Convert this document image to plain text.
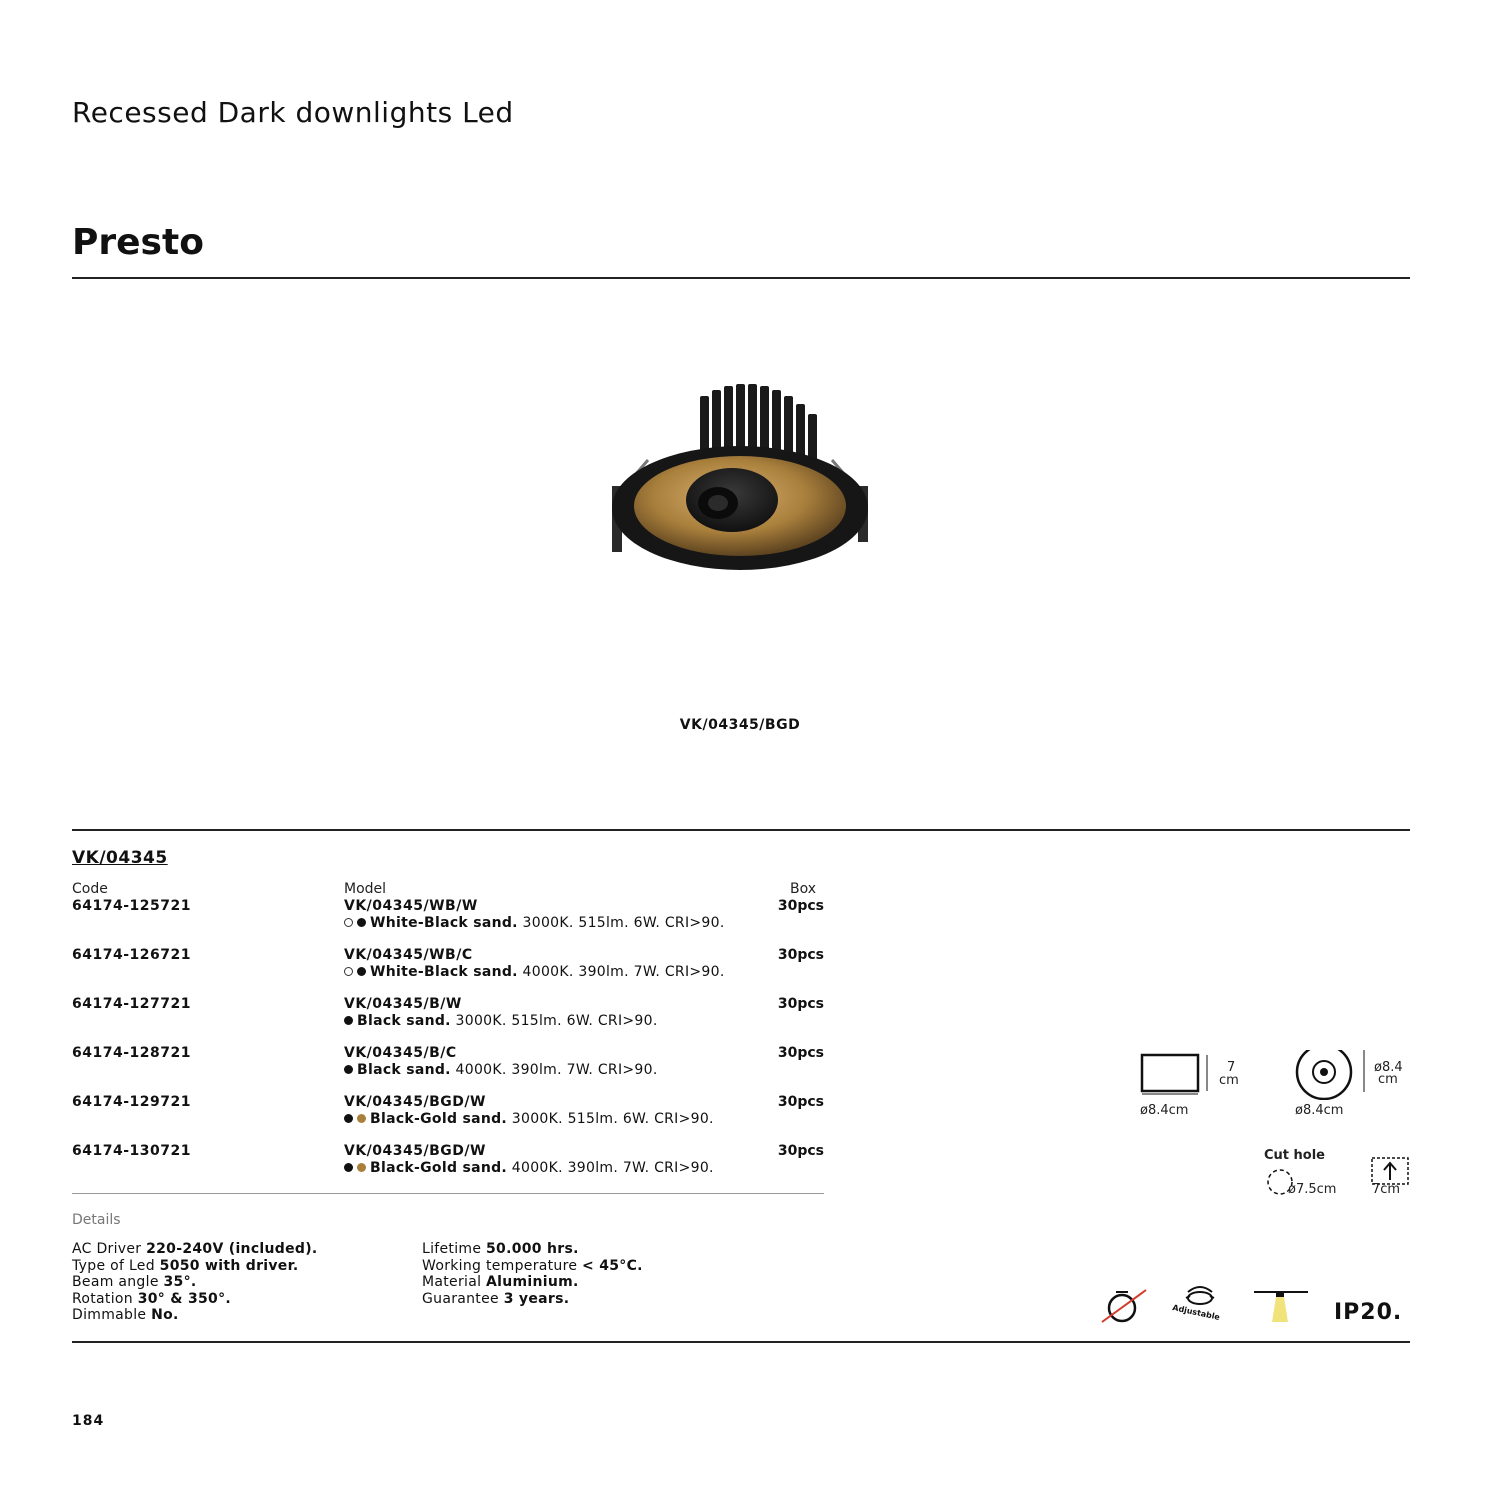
Recessed Dark downlights Led
Presto
VK/04345/BGD
VK/04345
Code	Model	Box
64174-125721	VK/04345/WB/W	30pcs
White-Black sand. 3000K. 515lm. 6W. CRI>90.
64174-126721	VK/04345/WB/C	30pcs
White-Black sand. 4000K. 390lm. 7W. CRI>90.
64174-127721	VK/04345/B/W	30pcs
Black sand. 3000K. 515lm. 6W. CRI>90.
64174-128721	VK/04345/B/C	30pcs
Black sand. 4000K. 390lm. 7W. CRI>90.
64174-129721	VK/04345/BGD/W	30pcs
Black-Gold sand. 3000K. 515lm. 6W. CRI>90.
64174-130721	VK/04345/BGD/W	30pcs
Black-Gold sand. 4000K. 390lm. 7W. CRI>90.
Details
AC Driver 220-240V (included).
Type of Led 5050 with driver.
Beam angle 35°.
Rotation 30° & 350°.
Dimmable No.
Lifetime 50.000 hrs.
Working temperature < 45°C.
Material Aluminium.
Guarantee 3 years.
7
cm
ø8.4cm
ø8.4
cm
ø8.4cm
Cut hole
ø7.5cm	7cm
Adjustable	IP20.
184
